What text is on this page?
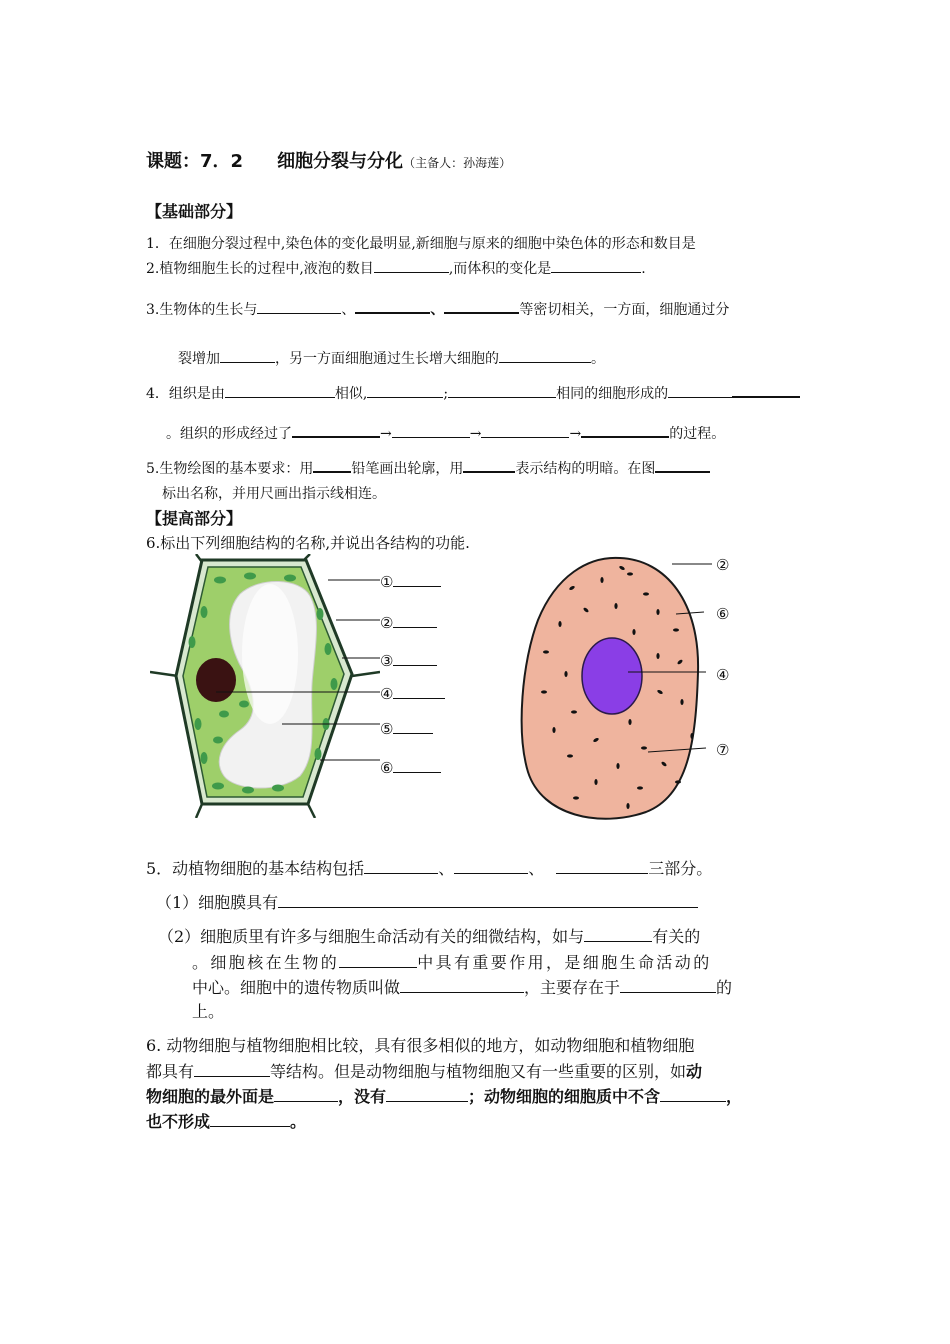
课题：7．2 细胞分裂与分化（主备人：孙海莲）
【基础部分】
1．在细胞分裂过程中,染色体的变化最明显,新细胞与原来的细胞中染色体的形态和数目是
2.植物细胞生长的过程中,液泡的数目	,而体积的变化是	.
3.生物体的生长与	、	、	等密切相关，一方面，细胞通过分
裂增加	，另一方面细胞通过生长增大细胞的	。
4．组织是由	相似,	;	相同的细胞形成的
。组织的形成经过了	→	→	→	的过程。
5.生物绘图的基本要求：用	铅笔画出轮廓，用	表示结构的明暗。在图
标出名称，并用尺画出指示线相连。
【提高部分】
6.标出下列细胞结构的名称,并说出各结构的功能.
①
②
③
④
⑤
⑥
②
⑥
④
⑦
5．动植物细胞的基本结构包括	、	、	三部分。
（1）细胞膜具有
（2）细胞质里有许多与细胞生命活动有关的细微结构，如与	有关的
。细胞核在生物的	中具有重要作用，是细胞生命活动的
中心。细胞中的遗传物质叫做	，主要存在于	的
上。
6. 动物细胞与植物细胞相比较，具有很多相似的地方，如动物细胞和植物细胞
都具有	等结构。但是动物细胞与植物细胞又有一些重要的区别，如动
物细胞的最外面是	，没有	；动物细胞的细胞质中不含	，
也不形成	。
